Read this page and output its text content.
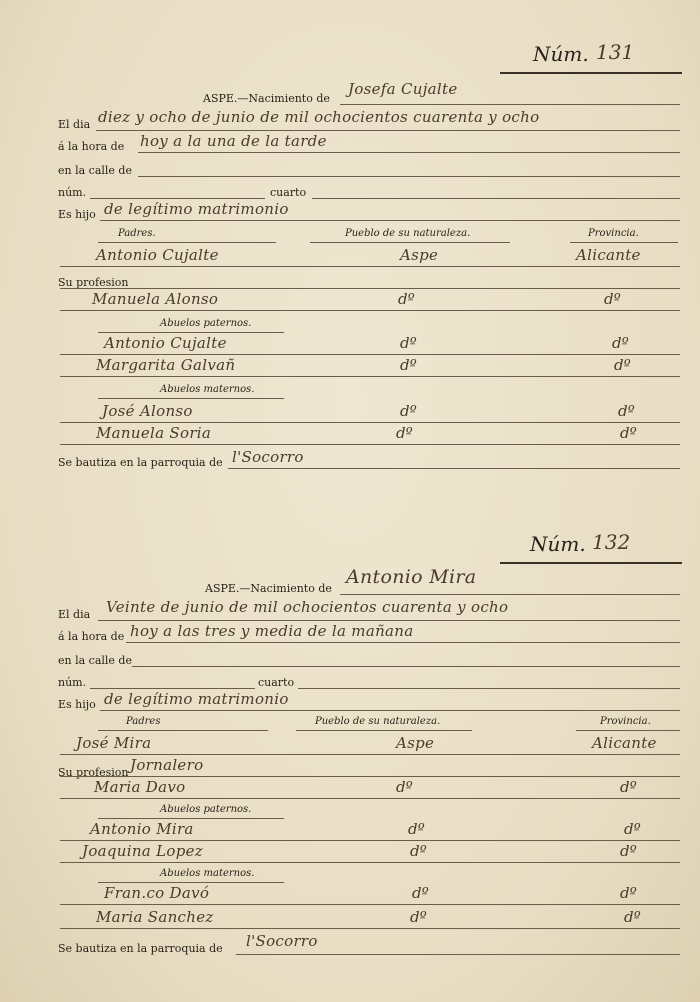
Núm. 131
ASPE.—Nacimiento de
Josefa Cujalte
El dia diez y ocho de junio de mil ochocientos cuarenta y ocho
á la hora de hoy a la una de la tarde
en la calle de
núm.	cuarto
Es hijo de legítimo matrimonio
Padres.	Pueblo de su naturaleza.	Provincia.
Antonio Cujalte	Aspe	Alicante
Su profesion
Manuela Alonso	dº	dº
Abuelos paternos.
Antonio Cujalte	dº	dº
Margarita Galvañ	dº	dº
Abuelos maternos.
José Alonso	dº	dº
Manuela Soria	dº	dº
Se bautiza en la parroquia de l'Socorro
Núm. 132
ASPE.—Nacimiento de
Antonio Mira
El dia Veinte de junio de mil ochocientos cuarenta y ocho
á la hora de hoy a las tres y media de la mañana
en la calle de
núm.	cuarto
Es hijo de legítimo matrimonio
Padres	Pueblo de su naturaleza.	Provincia.
José Mira	Aspe	Alicante
Su profesion Jornalero
Maria Davo	dº	dº
Abuelos paternos.
Antonio Mira	dº	dº
Joaquina Lopez	dº	dº
Abuelos maternos.
Fran.co Davó	dº	dº
Maria Sanchez	dº	dº
Se bautiza en la parroquia de l'Socorro
